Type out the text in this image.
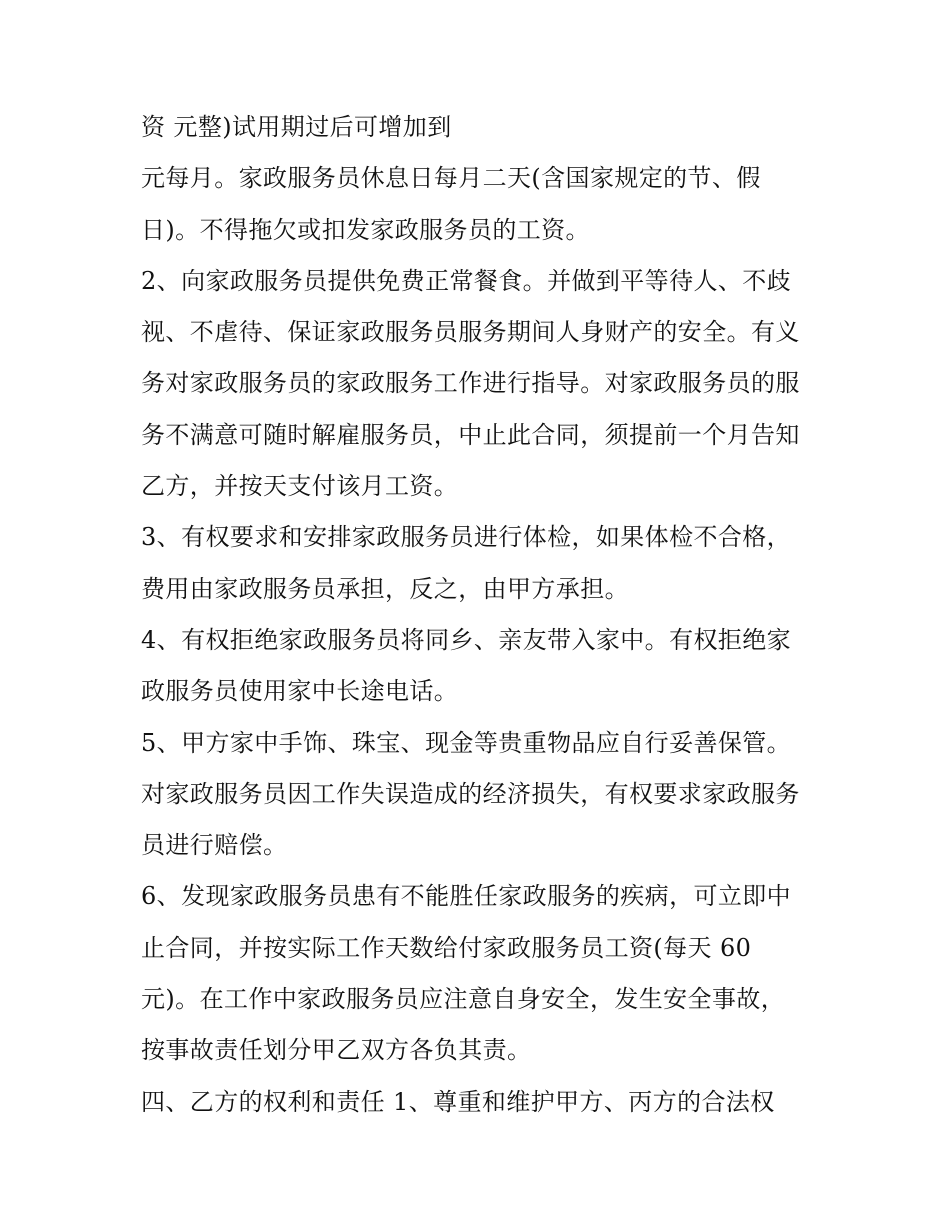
资 元整)试用期过后可增加到
元每月。家政服务员休息日每月二天(含国家规定的节、假
日)。不得拖欠或扣发家政服务员的工资。
2、向家政服务员提供免费正常餐食。并做到平等待人、不歧
视、不虐待、保证家政服务员服务期间人身财产的安全。有义
务对家政服务员的家政服务工作进行指导。对家政服务员的服
务不满意可随时解雇服务员，中止此合同，须提前一个月告知
乙方，并按天支付该月工资。
3、有权要求和安排家政服务员进行体检，如果体检不合格，
费用由家政服务员承担，反之，由甲方承担。
4、有权拒绝家政服务员将同乡、亲友带入家中。有权拒绝家
政服务员使用家中长途电话。
5、甲方家中手饰、珠宝、现金等贵重物品应自行妥善保管。
对家政服务员因工作失误造成的经济损失，有权要求家政服务
员进行赔偿。
6、发现家政服务员患有不能胜任家政服务的疾病，可立即中
止合同，并按实际工作天数给付家政服务员工资(每天 60
元)。在工作中家政服务员应注意自身安全，发生安全事故，
按事故责任划分甲乙双方各负其责。
四、乙方的权利和责任 1、尊重和维护甲方、丙方的合法权
